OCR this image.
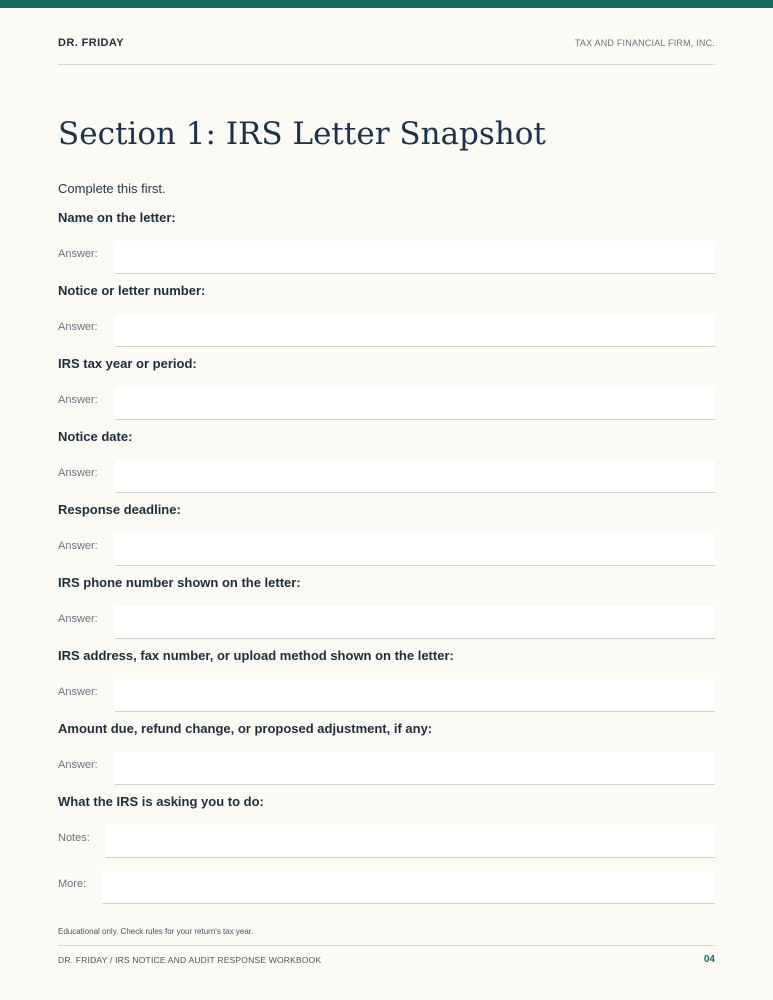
DR. FRIDAY	TAX AND FINANCIAL FIRM, INC.
Section 1: IRS Letter Snapshot
Complete this first.
Name on the letter:
Answer:
Notice or letter number:
Answer:
IRS tax year or period:
Answer:
Notice date:
Answer:
Response deadline:
Answer:
IRS phone number shown on the letter:
Answer:
IRS address, fax number, or upload method shown on the letter:
Answer:
Amount due, refund change, or proposed adjustment, if any:
Answer:
What the IRS is asking you to do:
Notes:
More:
Educational only. Check rules for your return's tax year.
DR. FRIDAY / IRS NOTICE AND AUDIT RESPONSE WORKBOOK	04
